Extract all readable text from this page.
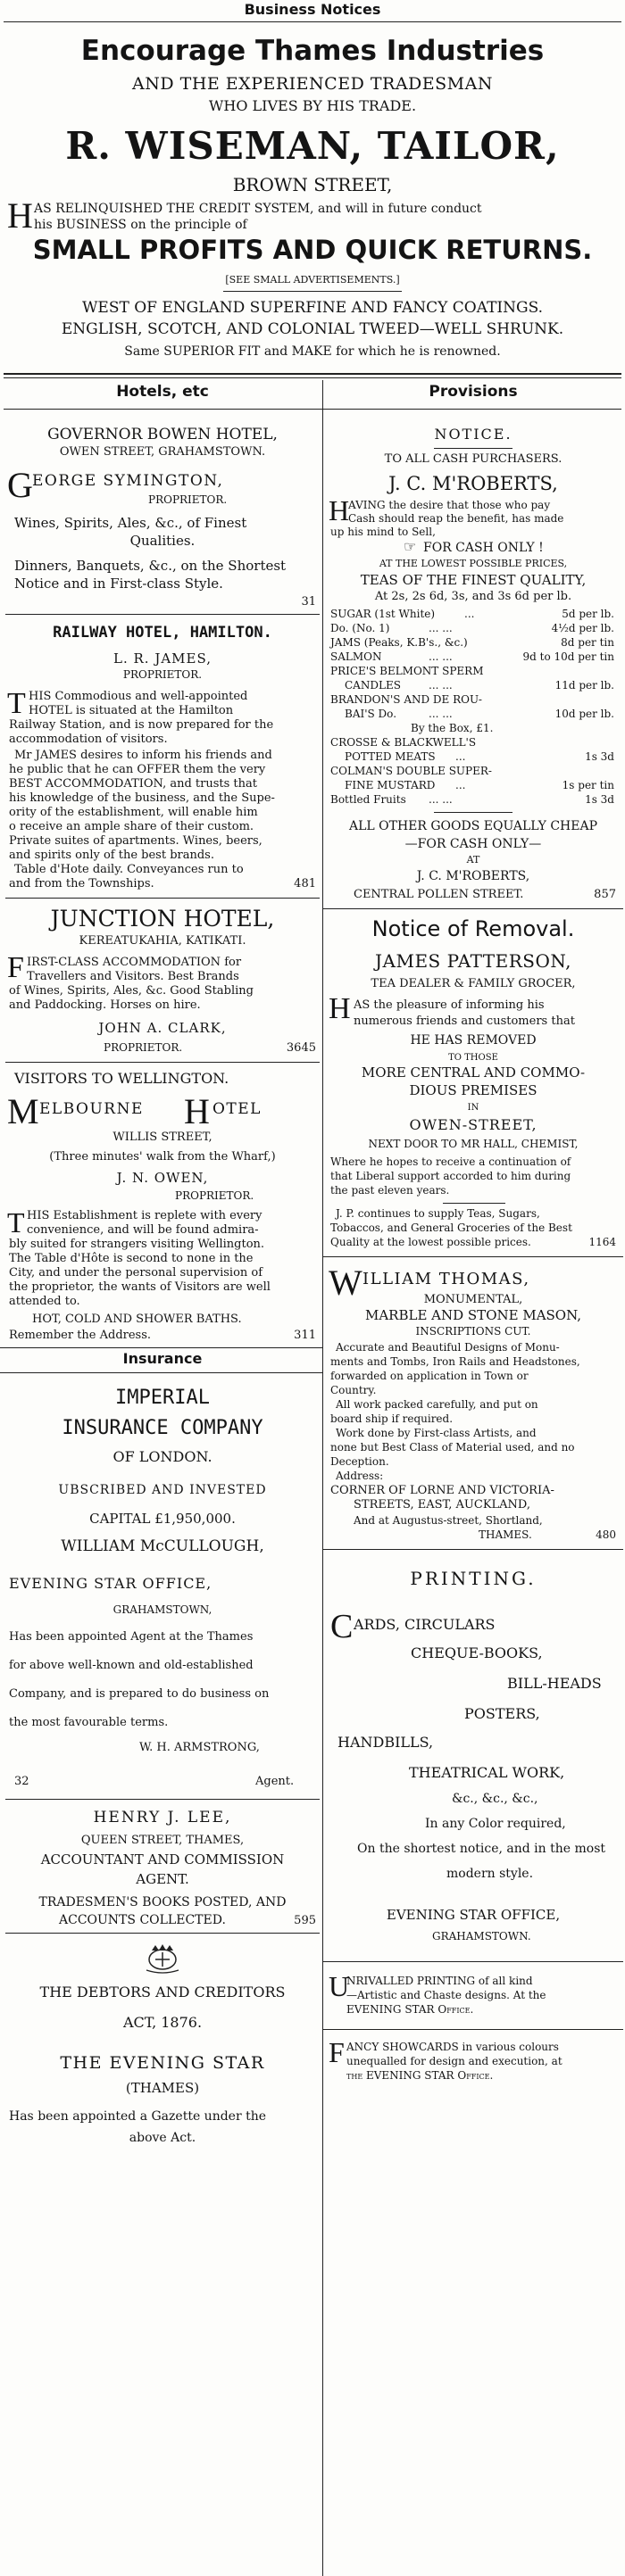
Business Notices
Encourage Thames Industries
AND THE EXPERIENCED TRADESMAN
WHO LIVES BY HIS TRADE.
R. WISEMAN, TAILOR,
BROWN STREET,
H AS RELINQUISHED THE CREDIT SYSTEM, and will in future conduct
his BUSINESS on the principle of
SMALL PROFITS AND QUICK RETURNS.
[SEE SMALL ADVERTISEMENTS.]
WEST OF ENGLAND SUPERFINE AND FANCY COATINGS.
ENGLISH, SCOTCH, AND COLONIAL TWEED—WELL SHRUNK.
Same SUPERIOR FIT and MAKE for which he is renowned.
Hotels, etc	Provisions
GOVERNOR BOWEN HOTEL,
OWEN STREET, GRAHAMSTOWN.
G EORGE SYMINGTON,
PROPRIETOR.
Wines, Spirits, Ales, &c., of Finest
Qualities.
Dinners, Banquets, &c., on the Shortest
Notice and in First-class Style.
31
RAILWAY HOTEL, HAMILTON.
L. R. JAMES,
PROPRIETOR.
T HIS Commodious and well-appointed
HOTEL is situated at the Hamilton
Railway Station, and is now prepared for the
accommodation of visitors.
Mr JAMES desires to inform his friends and
he public that he can OFFER them the very
BEST ACCOMMODATION, and trusts that
his knowledge of the business, and the Supe-
ority of the establishment, will enable him
o receive an ample share of their custom.
Private suites of apartments. Wines, beers,
and spirits only of the best brands.
Table d'Hote daily. Conveyances run to
and from the Townships.	481
JUNCTION HOTEL,
KEREATUKAHIA, KATIKATI.
F IRST-CLASS ACCOMMODATION for
Travellers and Visitors. Best Brands
of Wines, Spirits, Ales, &c. Good Stabling
and Paddocking. Horses on hire.
JOHN A. CLARK,
PROPRIETOR.	3645
VISITORS TO WELLINGTON.
M ELBOURNE H OTEL
WILLIS STREET,
(Three minutes' walk from the Wharf,)
J. N. OWEN,
PROPRIETOR.
T HIS Establishment is replete with every
convenience, and will be found admira-
bly suited for strangers visiting Wellington.
The Table d'Hôte is second to none in the
City, and under the personal supervision of
the proprietor, the wants of Visitors are well
attended to.
HOT, COLD AND SHOWER BATHS.
Remember the Address.	311
Insurance
IMPERIAL
INSURANCE COMPANY
OF LONDON.
UBSCRIBED AND INVESTED
CAPITAL £1,950,000.
WILLIAM McCULLOUGH,
EVENING STAR OFFICE,
GRAHAMSTOWN,
Has been appointed Agent at the Thames
for above well-known and old-established
Company, and is prepared to do business on
the most favourable terms.
W. H. ARMSTRONG,
32	Agent.
HENRY J. LEE,
QUEEN STREET, THAMES,
ACCOUNTANT AND COMMISSION
AGENT.
TRADESMEN'S BOOKS POSTED, AND
ACCOUNTS COLLECTED.	595
THE DEBTORS AND CREDITORS
ACT, 1876.
THE EVENING STAR
(THAMES)
Has been appointed a Gazette under the
above Act.
NOTICE.
TO ALL CASH PURCHASERS.
J. C. M'ROBERTS,
H
AVING the desire that those who pay
Cash should reap the benefit, has made
up his mind to Sell,
☞ FOR CASH ONLY !
AT THE LOWEST POSSIBLE PRICES,
TEAS OF THE FINEST QUALITY,
At 2s, 2s 6d, 3s, and 3s 6d per lb.
SUGAR (1st White)	...	5d per lb.
Do. (No. 1)	... ...	4½d per lb.
JAMS (Peaks, K.B's., &c.)	8d per tin
SALMON	... ...	9d to 10d per tin
PRICE'S BELMONT SPERM
CANDLES	... ...	11d per lb.
BRANDON'S AND DE ROU-
BAI'S Do.	... ...	10d per lb.
By the Box, £1.
CROSSE & BLACKWELL'S
POTTED MEATS ...	1s 3d
COLMAN'S DOUBLE SUPER-
FINE MUSTARD ...	1s per tin
Bottled Fruits ... ...	1s 3d
ALL OTHER GOODS EQUALLY CHEAP
—FOR CASH ONLY—
AT
J. C. M'ROBERTS,
CENTRAL POLLEN STREET.	857
Notice of Removal.
JAMES PATTERSON,
TEA DEALER & FAMILY GROCER,
H AS the pleasure of informing his
numerous friends and customers that
HE HAS REMOVED
TO THOSE
MORE CENTRAL AND COMMO-
DIOUS PREMISES
IN
OWEN-STREET,
NEXT DOOR TO MR HALL, CHEMIST,
Where he hopes to receive a continuation of
that Liberal support accorded to him during
the past eleven years.
J. P. continues to supply Teas, Sugars,
Tobaccos, and General Groceries of the Best
Quality at the lowest possible prices.	1164
W ILLIAM THOMAS,
MONUMENTAL,
MARBLE AND STONE MASON,
INSCRIPTIONS CUT.
Accurate and Beautiful Designs of Monu-
ments and Tombs, Iron Rails and Headstones,
forwarded on application in Town or
Country.
All work packed carefully, and put on
board ship if required.
Work done by First-class Artists, and
none but Best Class of Material used, and no
Deception.
Address:
CORNER OF LORNE AND VICTORIA-
STREETS, EAST, AUCKLAND,
And at Augustus-street, Shortland,
THAMES.	480
PRINTING.
C ARDS, CIRCULARS
CHEQUE-BOOKS,
BILL-HEADS
POSTERS,
HANDBILLS,
THEATRICAL WORK,
&c., &c., &c.,
In any Color required,
On the shortest notice, and in the most
modern style.
EVENING STAR OFFICE,
GRAHAMSTOWN.
U
NRIVALLED PRINTING of all kind
—Artistic and Chaste designs. At the
EVENING STAR Office.
F ANCY SHOWCARDS in various colours
unequalled for design and execution, at
the EVENING STAR Office.
